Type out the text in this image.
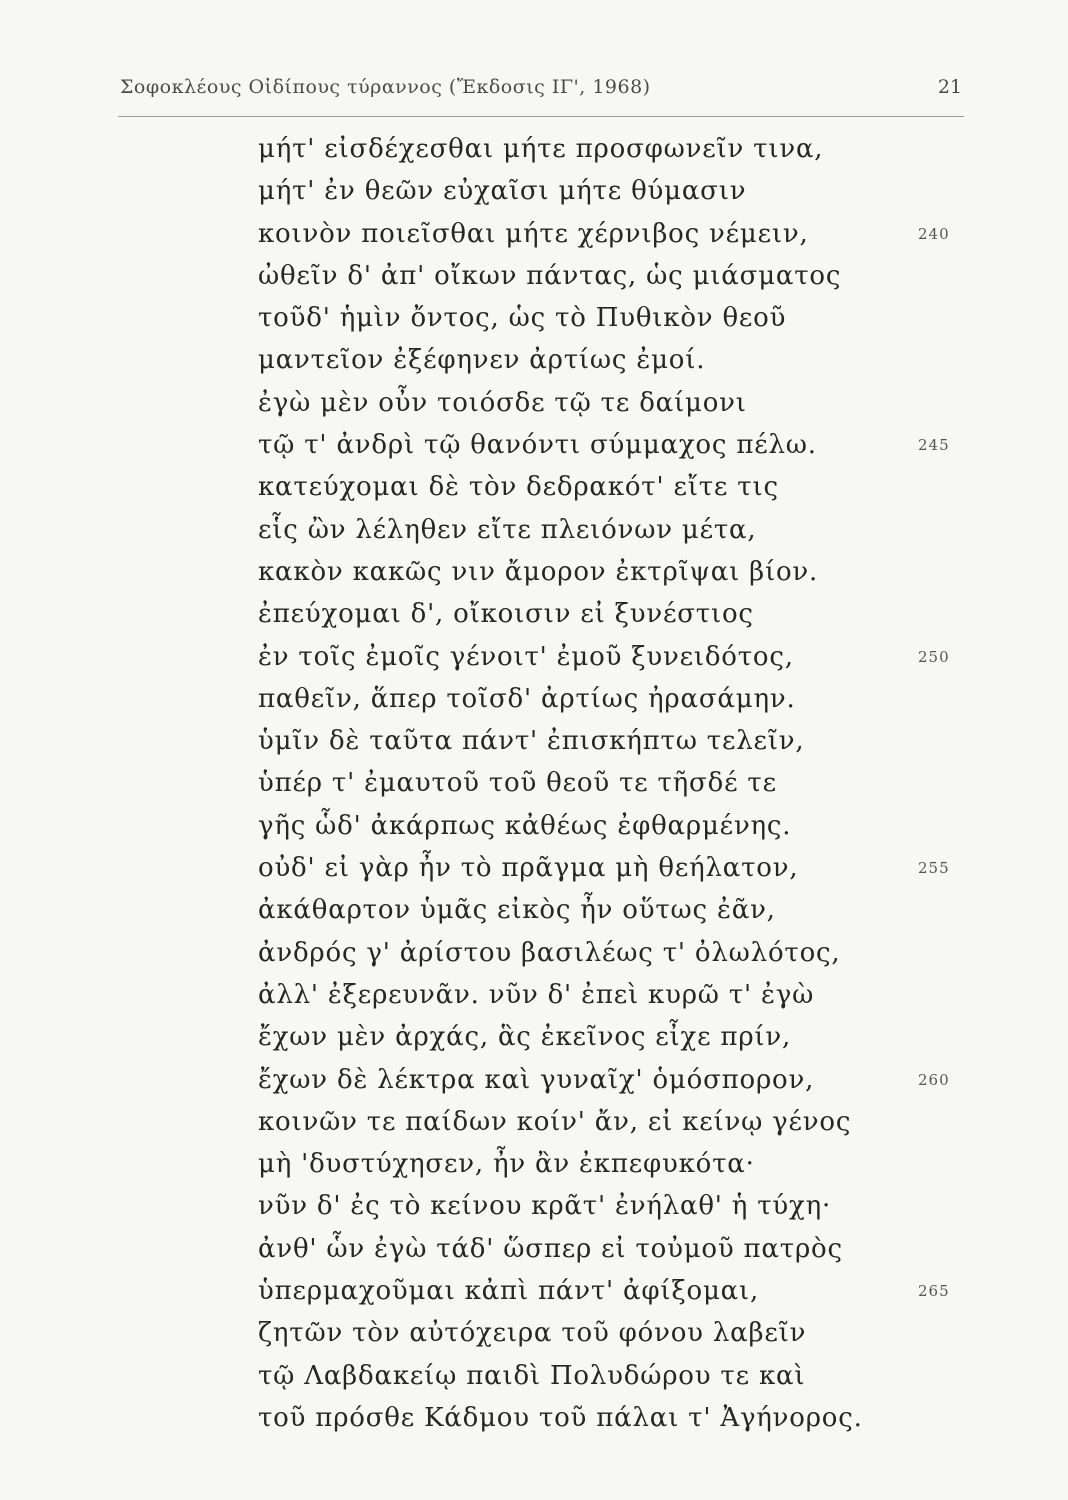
Σοφοκλέους Οἰδίπους τύραννος (Ἔκδοσις ΙΓ', 1968)	21
μήτ' εἰσδέχεσθαι μήτε προσφωνεῖν τινα,
μήτ' ἐν θεῶν εὐχαῖσι μήτε θύμασιν
κοινὸν ποιεῖσθαι μήτε χέρνιβος νέμειν,	240
ὠθεῖν δ' ἀπ' οἴκων πάντας, ὡς μιάσματος
τοῦδ' ἡμὶν ὄντος, ὡς τὸ Πυθικὸν θεοῦ
μαντεῖον ἐξέφηνεν ἀρτίως ἐμοί.
ἐγὼ μὲν οὖν τοιόσδε τῷ τε δαίμονι
τῷ τ' ἀνδρὶ τῷ θανόντι σύμμαχος πέλω.	245
κατεύχομαι δὲ τὸν δεδρακότ' εἴτε τις
εἷς ὢν λέληθεν εἴτε πλειόνων μέτα,
κακὸν κακῶς νιν ἄμορον ἐκτρῖψαι βίον.
ἐπεύχομαι δ', οἴκοισιν εἰ ξυνέστιος
ἐν τοῖς ἐμοῖς γένοιτ' ἐμοῦ ξυνειδότος,	250
παθεῖν, ἅπερ τοῖσδ' ἀρτίως ἠρασάμην.
ὑμῖν δὲ ταῦτα πάντ' ἐπισκήπτω τελεῖν,
ὑπέρ τ' ἐμαυτοῦ τοῦ θεοῦ τε τῆσδέ τε
γῆς ὧδ' ἀκάρπως κἀθέως ἐφθαρμένης.
οὐδ' εἰ γὰρ ἦν τὸ πρᾶγμα μὴ θεήλατον,	255
ἀκάθαρτον ὑμᾶς εἰκὸς ἦν οὕτως ἐᾶν,
ἀνδρός γ' ἀρίστου βασιλέως τ' ὀλωλότος,
ἀλλ' ἐξερευνᾶν. νῦν δ' ἐπεὶ κυρῶ τ' ἐγὼ
ἔχων μὲν ἀρχάς, ἃς ἐκεῖνος εἶχε πρίν,
ἔχων δὲ λέκτρα καὶ γυναῖχ' ὁμόσπορον,	260
κοινῶν τε παίδων κοίν' ἄν, εἰ κείνῳ γένος
μὴ 'δυστύχησεν, ἦν ἂν ἐκπεφυκότα·
νῦν δ' ἐς τὸ κείνου κρᾶτ' ἐνήλαθ' ἡ τύχη·
ἀνθ' ὧν ἐγὼ τάδ' ὥσπερ εἰ τοὐμοῦ πατρὸς
ὑπερμαχοῦμαι κἀπὶ πάντ' ἀφίξομαι,	265
ζητῶν τὸν αὐτόχειρα τοῦ φόνου λαβεῖν
τῷ Λαβδακείῳ παιδὶ Πολυδώρου τε καὶ
τοῦ πρόσθε Κάδμου τοῦ πάλαι τ' Ἀγήνορος.
